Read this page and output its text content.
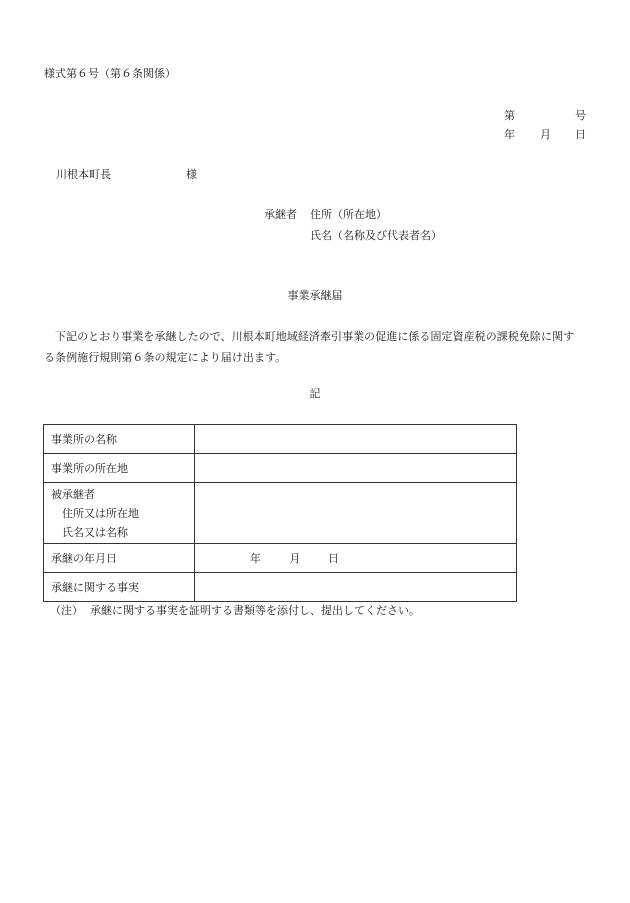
様式第６号（第６条関係）
第	号
年 月 日
川根本町長	様
承継者 住所（所在地）
氏名（名称及び代表者名）
事業承継届
下記のとおり事業を承継したので、川根本町地域経済牽引事業の促進に係る固定資産税の課税免除に関する条例施行規則第６条の規定により届け出ます。
記
事業所の名称	
事業所の所在地	

被承継者
住所又は所在地
氏名又は名称	

承継の年月日	年 月 日
承継に関する事実	
（注） 承継に関する事実を証明する書類等を添付し、提出してください。
